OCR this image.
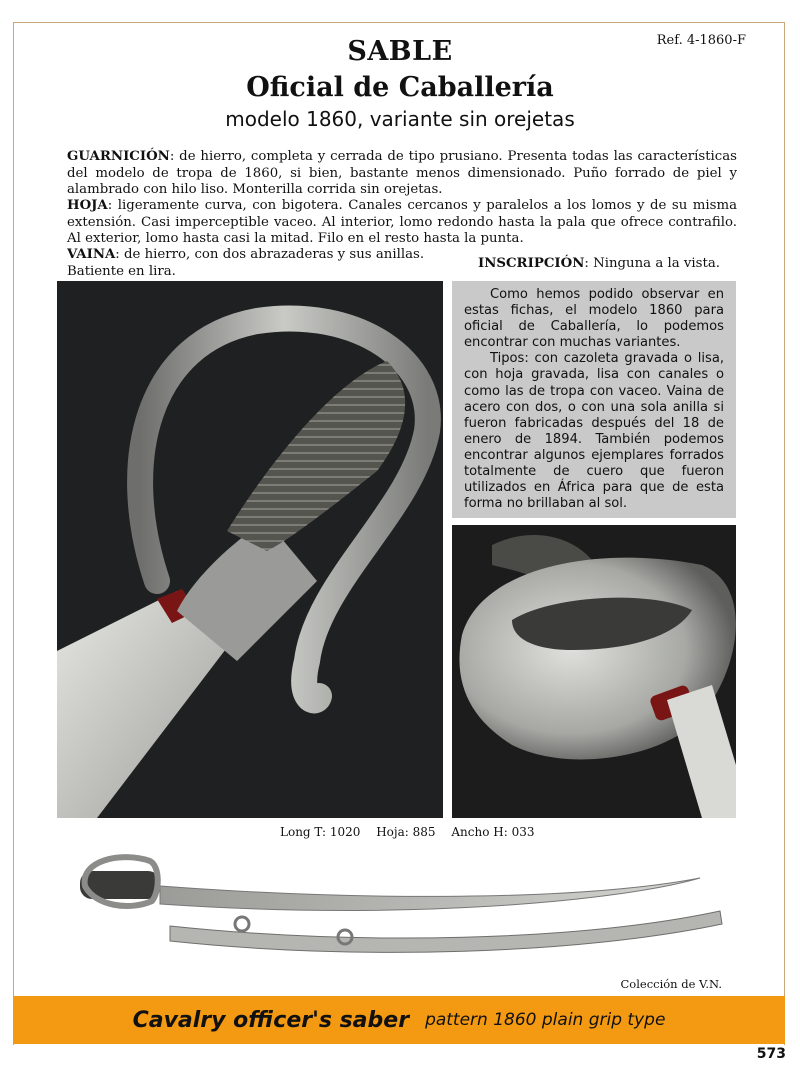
Ref. 4-1860-F
SABLE
Oficial de Caballería
modelo 1860, variante sin orejetas
GUARNICIÓN: de hierro, completa y cerrada de tipo prusiano. Presenta todas las características del modelo de tropa de 1860, si bien, bastante menos dimensionado. Puño forrado de piel y alambrado con hilo liso. Monterilla corrida sin orejetas.
HOJA: ligeramente curva, con bigotera. Canales cercanos y paralelos a los lomos y de su misma extensión. Casi imperceptible vaceo. Al interior, lomo redondo hasta la pala que ofrece contrafilo. Al exterior, lomo hasta casi la mitad. Filo en el resto hasta la punta.
VAINA: de hierro, con dos abrazaderas y sus anillas.
Batiente en lira.
INSCRIPCIÓN: Ninguna a la vista.

Como hemos podido observar en estas fichas, el modelo 1860 para oficial de Caballería, lo podemos encontrar con muchas variantes.

Tipos: con cazoleta gravada o lisa, con hoja gravada, lisa con canales o como las de tropa con vaceo. Vaina de acero con dos, o con una sola anilla si fueron fabricadas después del 18 de enero de 1894. También podemos encontrar algunos ejemplares forrados totalmente de cuero que fueron utilizados en África para que de esta forma no brillaban al sol.

Long T: 1020 Hoja: 885 Ancho H: 033
Colección de V.N.
Cavalry officer's saber pattern 1860 plain grip type
573
